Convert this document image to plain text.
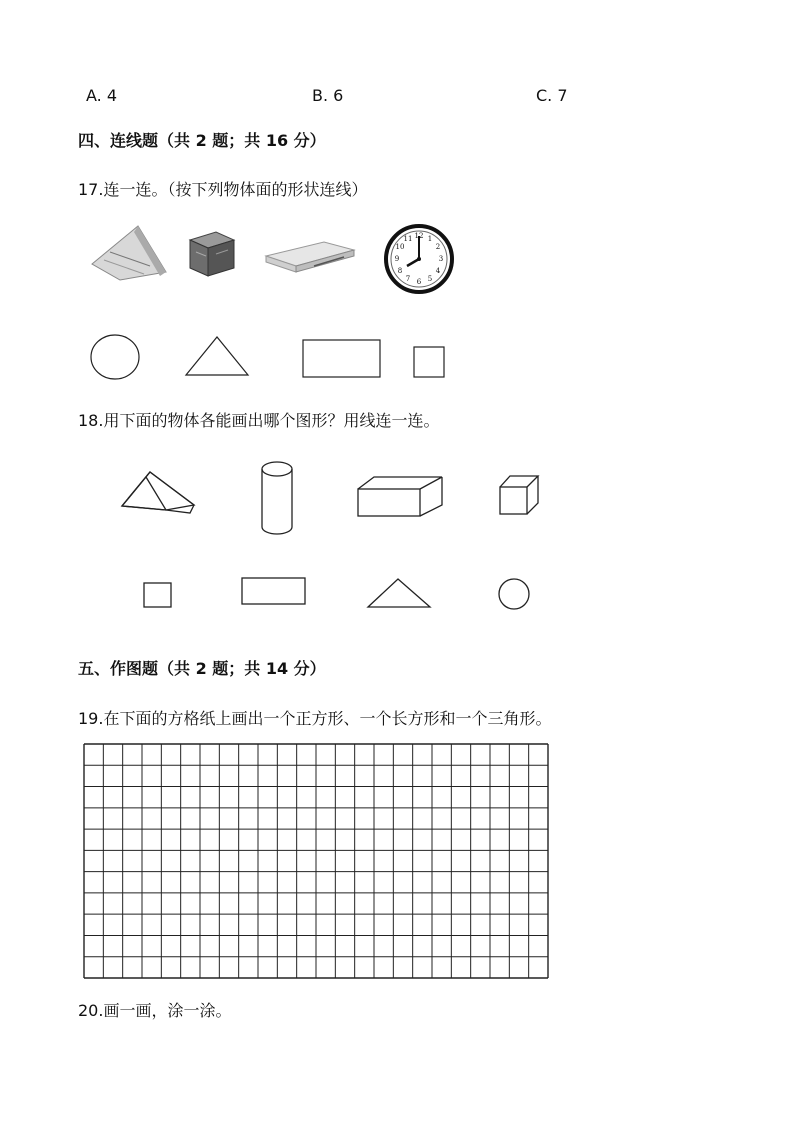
A. 4	B. 6	C. 7
四、连线题（共 2 题；共 16 分）
17.连一连。（按下列物体面的形状连线）
12 1
2
3
4
5
6
7
8
9
10
11
18.用下面的物体各能画出哪个图形？用线连一连。
五、作图题（共 2 题；共 14 分）
19.在下面的方格纸上画出一个正方形、一个长方形和一个三角形。
20.画一画，涂一涂。
